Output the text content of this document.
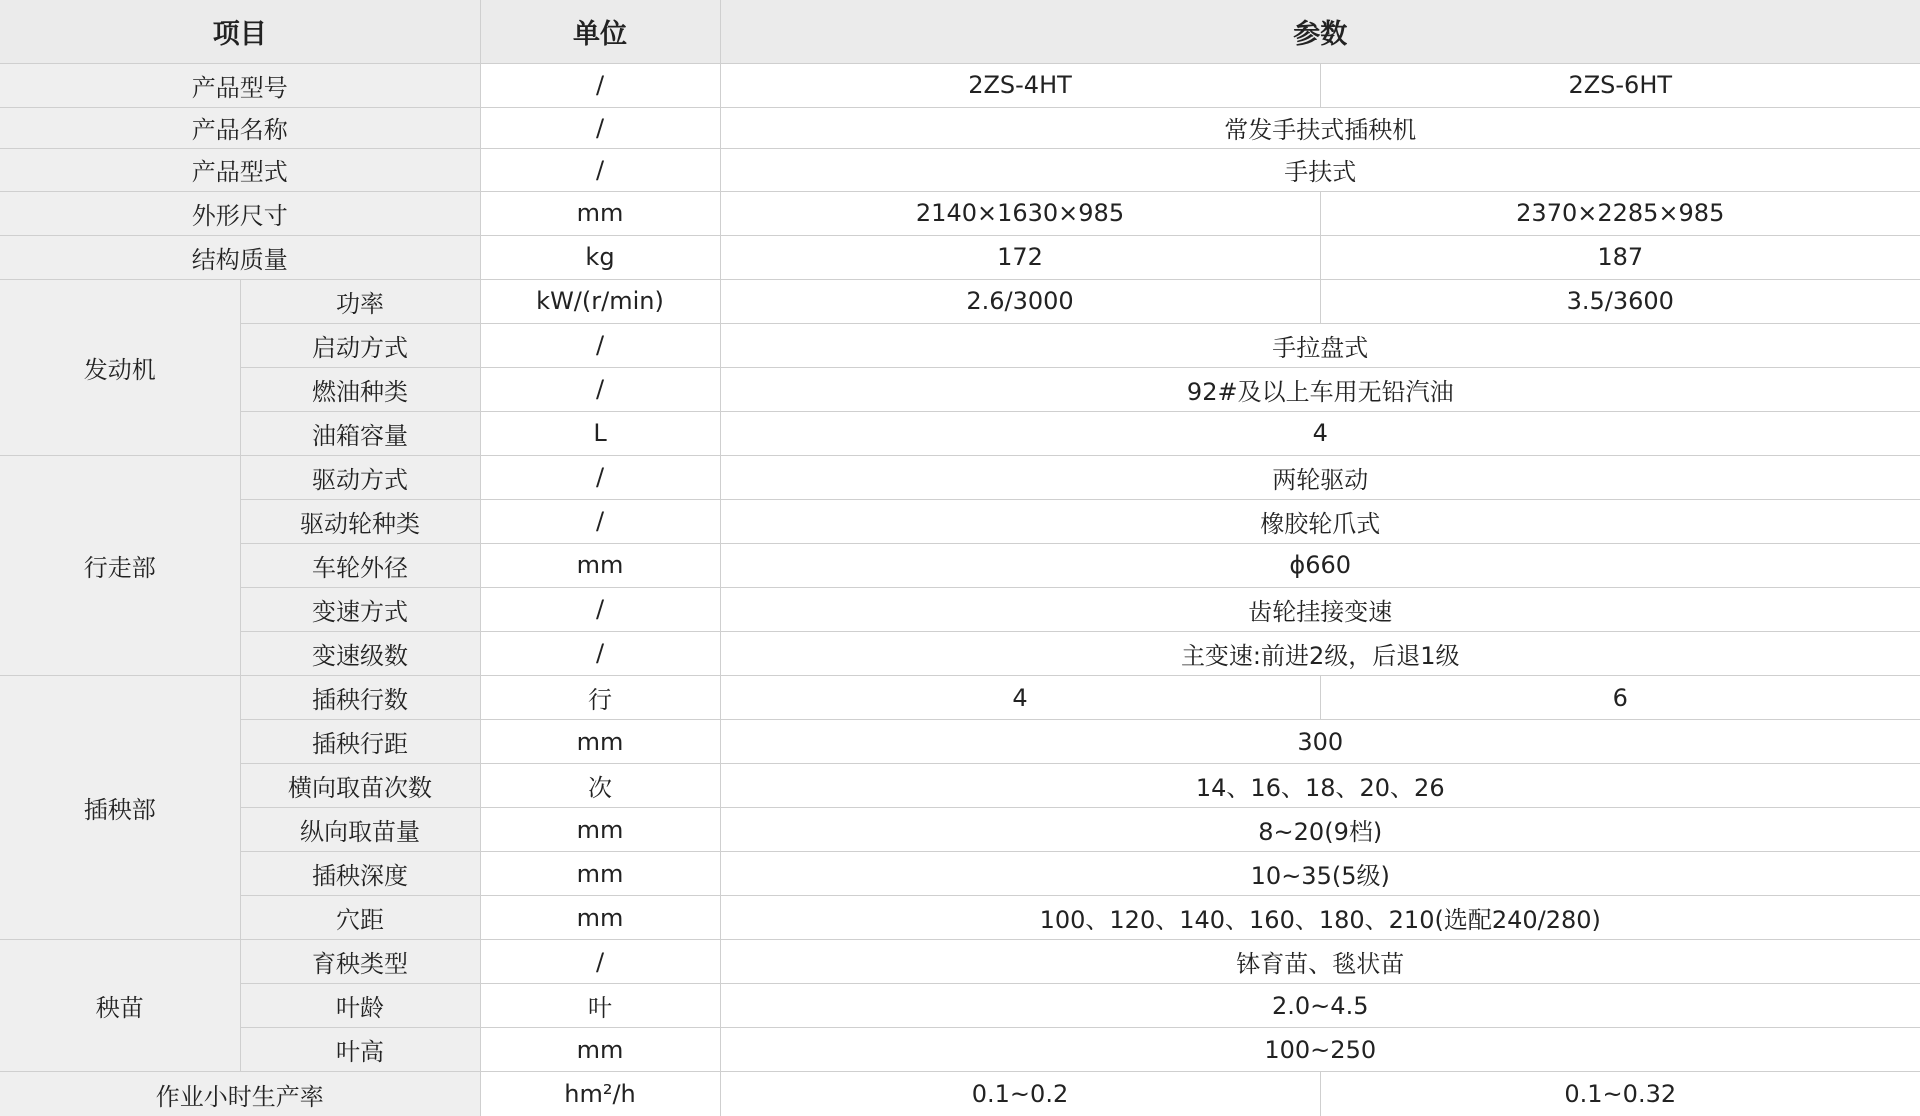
项目		单位	参数	
产品型号		/	2ZS-4HT	2ZS-6HT
产品名称		/	常发手扶式插秧机	
产品型式		/	手扶式	
外形尺寸		mm	2140×1630×985	2370×2285×985
结构质量		kg	172	187
发动机	功率	kW/(r/min)	2.6/3000	3.5/3600
	启动方式	/	手拉盘式	
	燃油种类	/	92#及以上车用无铅汽油	
	油箱容量	L	4	
行走部	驱动方式	/	两轮驱动	
	驱动轮种类	/	橡胶轮爪式	
	车轮外径	mm	ϕ660	
	变速方式	/	齿轮挂接变速	
	变速级数	/	主变速:前进2级，后退1级	
插秧部	插秧行数	行	4	6
	插秧行距	mm	300	
	横向取苗次数	次	14、16、18、20、26	
	纵向取苗量	mm	8~20(9档)	
	插秧深度	mm	10~35(5级)	
	穴距	mm	100、120、140、160、180、210(选配240/280)	
秧苗	育秧类型	/	钵育苗、毯状苗	
	叶龄	叶	2.0~4.5	
	叶高	mm	100~250	
作业小时生产率		hm²/h	0.1~0.2	0.1~0.32
